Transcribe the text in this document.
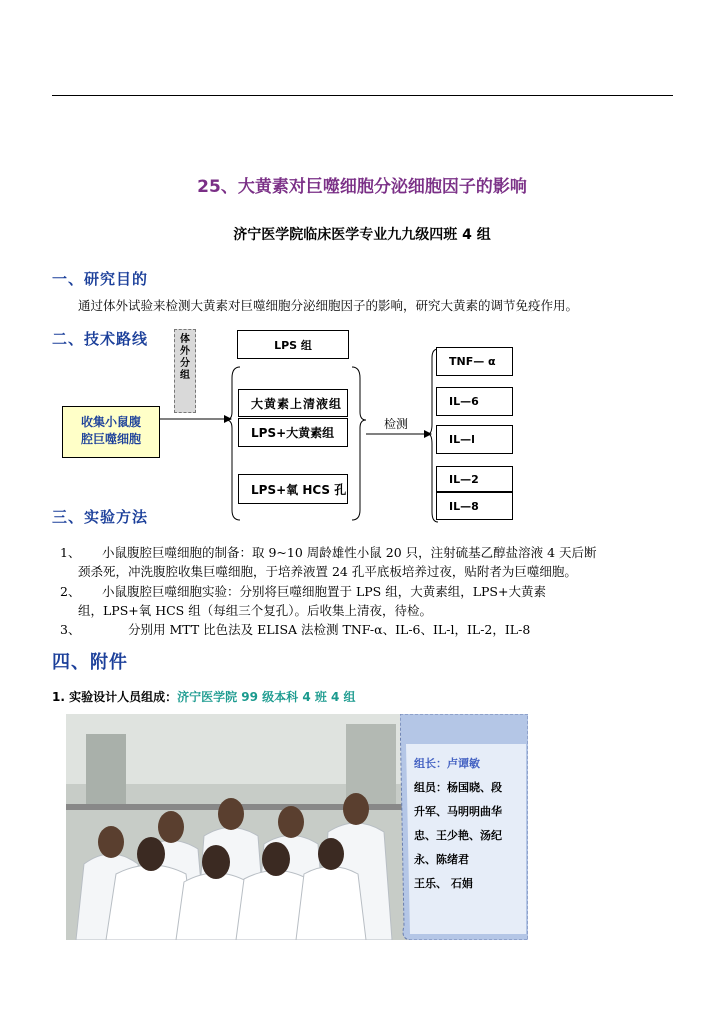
25、大黄素对巨噬细胞分泌细胞因子的影响
济宁医学院临床医学专业九九级四班 4 组
一、研究目的
通过体外试验来检测大黄素对巨噬细胞分泌细胞因子的影响，研究大黄素的调节免疫作用。
二、技术路线	体
外
分
组
收集小鼠腹
腔巨噬细胞
LPS 组
大黄素上清液组
LPS+大黄素组
LPS+氧 HCS 孔
检测
TNF— α
IL—6
IL—l
IL—2
IL—8
三、实验方法
1、 小鼠腹腔巨噬细胞的制备：取 9~10 周龄雄性小鼠 20 只，注射硫基乙醇盐溶液 4 天后断
颈杀死，冲洗腹腔收集巨噬细胞，于培养液置 24 孔平底板培养过夜，贴附者为巨噬细胞。
2、 小鼠腹腔巨噬细胞实验：分别将巨噬细胞置于 LPS 组，大黄素组，LPS+大黄素
组，LPS+氧 HCS 组（每组三个复孔）。后收集上清夜，待检。
3、	分别用 MTT 比色法及 ELISA 法检测 TNF-α、IL-6、IL-l，IL-2，IL-8
四、附件
1. 实验设计人员组成：济宁医学院 99 级本科 4 班 4 组
组长：卢谭敏
组员：杨国晓、段
升军、马明明曲华
忠、王少艳、汤纪
永、陈绪君
王乐、 石娟
